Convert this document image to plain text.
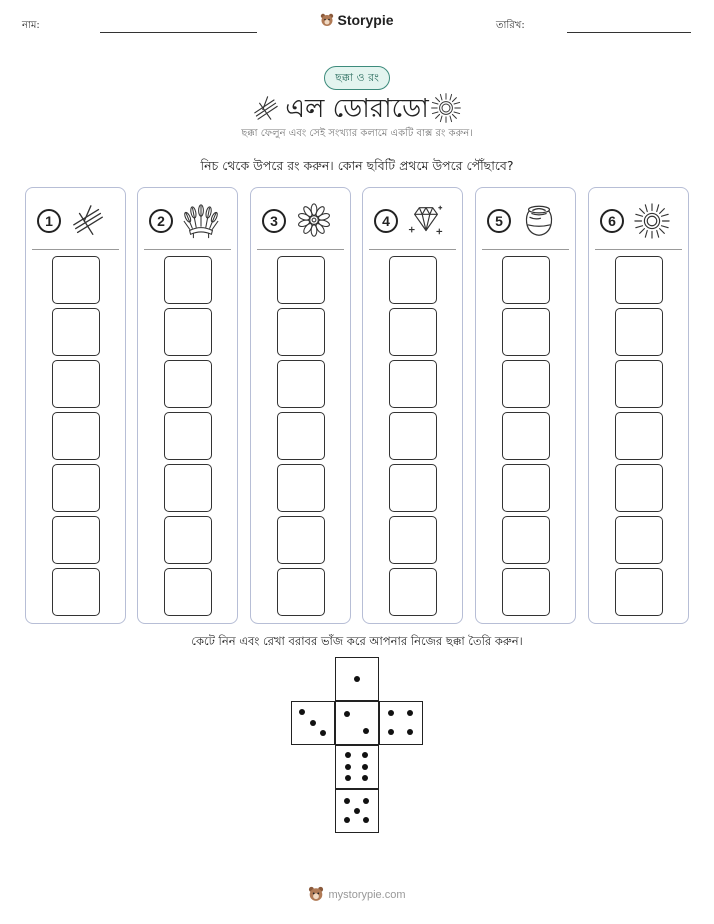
নাম:	Storypie	তারিখ:
ছক্কা ও রং
এল ডোরাডো
ছক্কা ফেলুন এবং সেই সংখ্যার কলামে একটি বাক্স রং করুন।
নিচ থেকে উপরে রং করুন। কোন ছবিটি প্রথমে উপরে পৌঁছাবে?
1	2	3	4	5	6
কেটে নিন এবং রেখা বরাবর ভাঁজ করে আপনার নিজের ছক্কা তৈরি করুন।
mystorypie.com
